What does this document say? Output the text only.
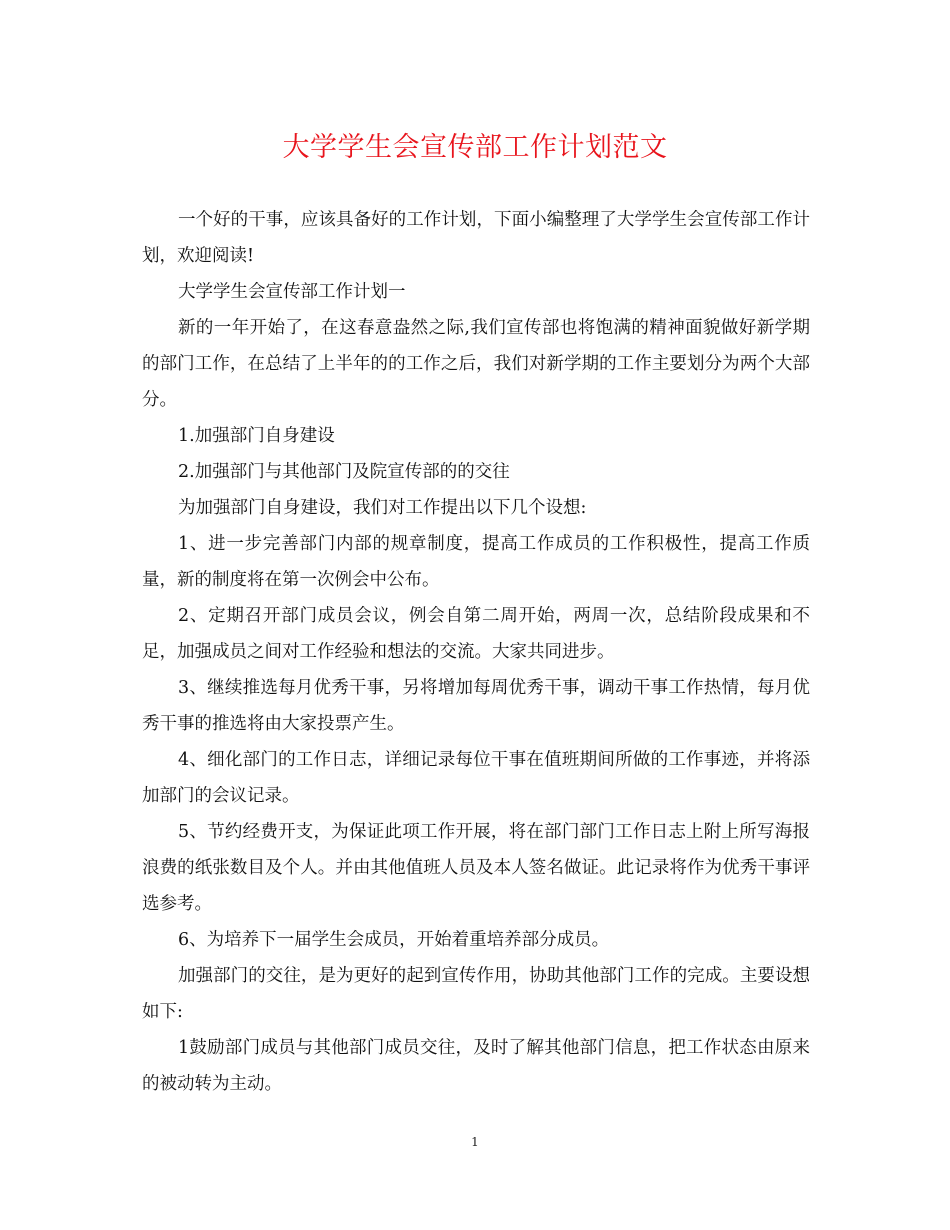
大学学生会宣传部工作计划范文

一个好的干事，应该具备好的工作计划，下面小编整理了大学学生会宣传部工作计划，欢迎阅读!

大学学生会宣传部工作计划一

新的一年开始了，在这春意盎然之际,我们宣传部也将饱满的精神面貌做好新学期的部门工作，在总结了上半年的的工作之后，我们对新学期的工作主要划分为两个大部分。

1.加强部门自身建设

2.加强部门与其他部门及院宣传部的的交往

为加强部门自身建设，我们对工作提出以下几个设想:

1、进一步完善部门内部的规章制度，提高工作成员的工作积极性，提高工作质量，新的制度将在第一次例会中公布。

2、定期召开部门成员会议，例会自第二周开始，两周一次，总结阶段成果和不足，加强成员之间对工作经验和想法的交流。大家共同进步。

3、继续推选每月优秀干事，另将增加每周优秀干事，调动干事工作热情，每月优秀干事的推选将由大家投票产生。

4、细化部门的工作日志，详细记录每位干事在值班期间所做的工作事迹，并将添加部门的会议记录。

5、节约经费开支，为保证此项工作开展，将在部门部门工作日志上附上所写海报浪费的纸张数目及个人。并由其他值班人员及本人签名做证。此记录将作为优秀干事评选参考。

6、为培养下一届学生会成员，开始着重培养部分成员。

加强部门的交往，是为更好的起到宣传作用，协助其他部门工作的完成。主要设想如下:

1鼓励部门成员与其他部门成员交往，及时了解其他部门信息，把工作状态由原来的被动转为主动。

1
